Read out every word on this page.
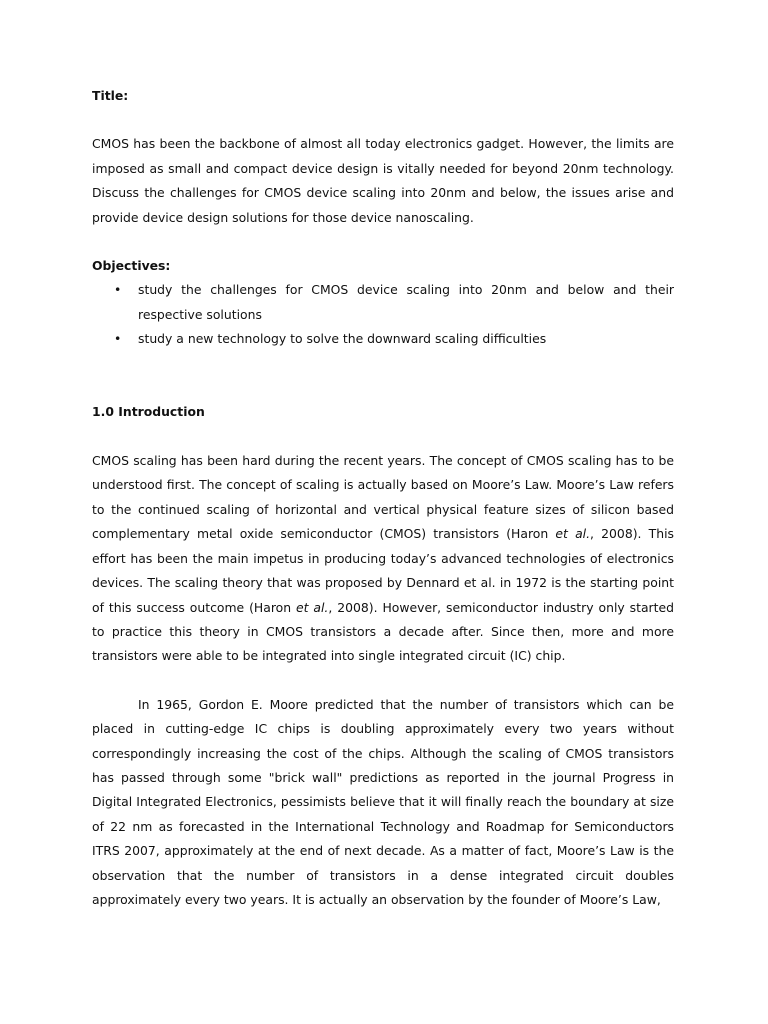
Title:

CMOS has been the backbone of almost all today electronics gadget. However, the limits are imposed as small and compact device design is vitally needed for beyond 20nm technology. Discuss the challenges for CMOS device scaling into 20nm and below, the issues arise and provide device design solutions for those device nanoscaling.

Objectives:

• study the challenges for CMOS device scaling into 20nm and below and their respective solutions
• study a new technology to solve the downward scaling difficulties

1.0 Introduction

CMOS scaling has been hard during the recent years. The concept of CMOS scaling has to be understood first. The concept of scaling is actually based on Moore’s Law. Moore’s Law refers to the continued scaling of horizontal and vertical physical feature sizes of silicon based complementary metal oxide semiconductor (CMOS) transistors (Haron et al., 2008). This effort has been the main impetus in producing today’s advanced technologies of electronics devices. The scaling theory that was proposed by Dennard et al. in 1972 is the starting point of this success outcome (Haron et al., 2008). However, semiconductor industry only started to practice this theory in CMOS transistors a decade after. Since then, more and more transistors were able to be integrated into single integrated circuit (IC) chip.

In 1965, Gordon E. Moore predicted that the number of transistors which can be placed in cutting-edge IC chips is doubling approximately every two years without correspondingly increasing the cost of the chips. Although the scaling of CMOS transistors has passed through some "brick wall" predictions as reported in the journal Progress in Digital Integrated Electronics, pessimists believe that it will finally reach the boundary at size of 22 nm as forecasted in the International Technology and Roadmap for Semiconductors ITRS 2007, approximately at the end of next decade. As a matter of fact, Moore’s Law is the observation that the number of transistors in a dense integrated circuit doubles approximately every two years. It is actually an observation by the founder of Moore’s Law,
